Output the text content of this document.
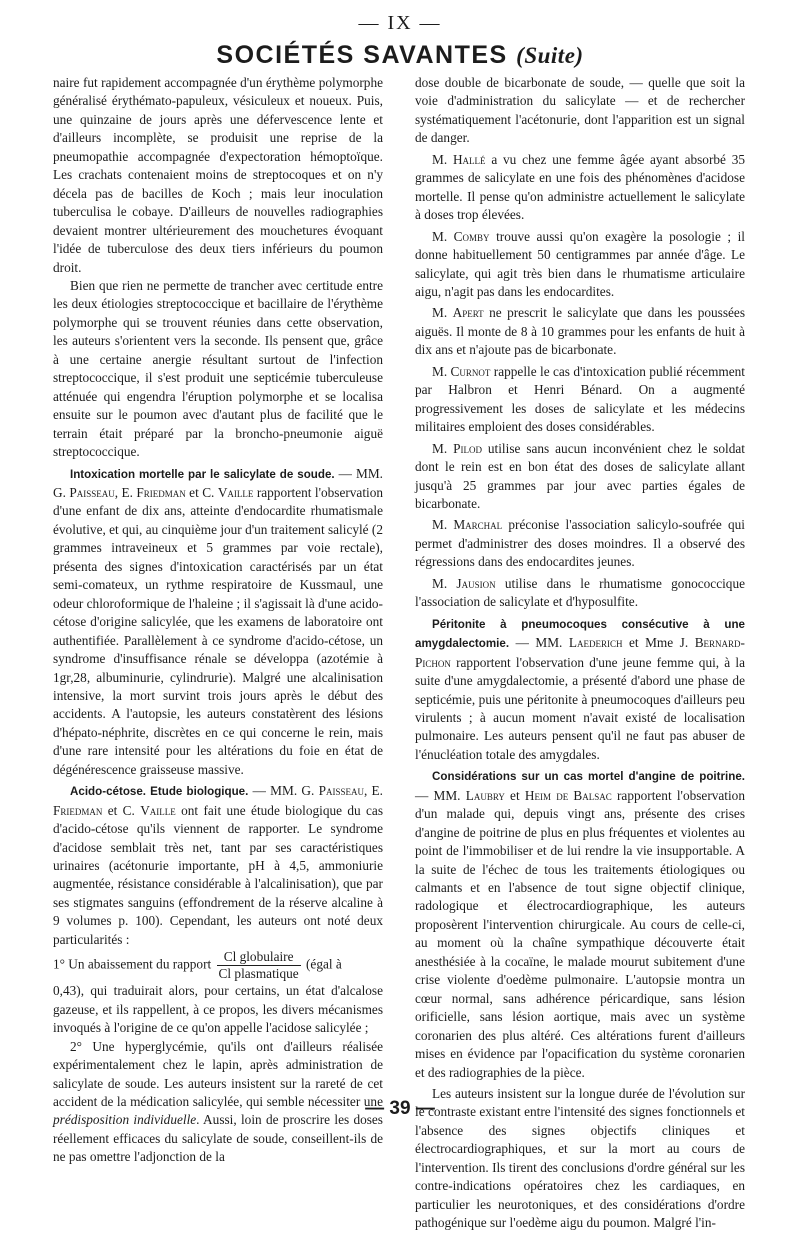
— IX —
SOCIÉTÉS SAVANTES (Suite)

naire fut rapidement accompagnée d'un érythème polymorphe généralisé érythémato-papuleux, vésiculeux et noueux. Puis, une quinzaine de jours après une défervescence lente et d'ailleurs incomplète, se produisit une reprise de la pneumopathie accompagnée d'expectoration hémoptoïque. Les crachats contenaient moins de streptocoques et on n'y décela pas de bacilles de Koch ; mais leur inoculation tuberculisa le cobaye. D'ailleurs de nouvelles radiographies devaient montrer ultérieurement des mouchetures évoquant l'idée de tuberculose des deux tiers inférieurs du poumon droit.

Bien que rien ne permette de trancher avec certitude entre les deux étiologies streptococcique et bacillaire de l'érythème polymorphe qui se trouvent réunies dans cette observation, les auteurs s'orientent vers la seconde. Ils pensent que, grâce à une certaine anergie résultant surtout de l'infection streptococcique, il s'est produit une septicémie tuberculeuse atténuée qui engendra l'éruption polymorphe et se localisa ensuite sur le poumon avec d'autant plus de facilité que le terrain était préparé par la broncho-pneumonie aiguë streptococcique.

Intoxication mortelle par le salicylate de soude. — MM. G. Paisseau, E. Friedman et C. Vaille rapportent l'observation d'une enfant de dix ans, atteinte d'endocardite rhumatismale évolutive, et qui, au cinquième jour d'un traitement salicylé (2 grammes intraveineux et 5 grammes par voie rectale), présenta des signes d'intoxication caractérisés par un état semi-comateux, un rythme respiratoire de Kussmaul, une odeur chloroformique de l'haleine ; il s'agissait là d'une acido-cétose d'origine salicylée, que les examens de laboratoire ont authentifiée. Parallèlement à ce syndrome d'acido-cétose, un syndrome d'insuffisance rénale se développa (azotémie à 1gr,28, albuminurie, cylindrurie). Malgré une alcalinisation intensive, la mort survint trois jours après le début des accidents. A l'autopsie, les auteurs constatèrent des lésions d'hépato-néphrite, discrètes en ce qui concerne le rein, mais d'une rare intensité pour les altérations du foie en état de dégénérescence graisseuse massive.

Acido-cétose. Etude biologique. — MM. G. Paisseau, E. Friedman et C. Vaille ont fait une étude biologique du cas d'acido-cétose qu'ils viennent de rapporter. Le syndrome d'acidose semblait très net, tant par ses caractéristiques urinaires (acétonurie importante, pH à 4,5, ammoniurie augmentée, résistance considérable à l'alcalinisation), que par ses stigmates sanguins (effondrement de la réserve alcaline à 9 volumes p. 100). Cependant, les auteurs ont noté deux particularités :

1° Un abaissement du rapport $\frac{\text{Cl globulaire}}{\text{Cl plasmatique}}$ (égal à

0,43), qui traduirait alors, pour certains, un état d'alcalose gazeuse, et ils rappellent, à ce propos, les divers mécanismes invoqués à l'origine de ce qu'on appelle l'acidose salicylée ;

2° Une hyperglycémie, qu'ils ont d'ailleurs réalisée expérimentalement chez le lapin, après administration de salicylate de soude. Les auteurs insistent sur la rareté de cet accident de la médication salicylée, qui semble nécessiter une prédisposition individuelle. Aussi, loin de proscrire les doses réellement efficaces du salicylate de soude, conseillent-ils de ne pas omettre l'adjonction de la

dose double de bicarbonate de soude, — quelle que soit la voie d'administration du salicylate — et de rechercher systématiquement l'acétonurie, dont l'apparition est un signal de danger.

M. Hallé a vu chez une femme âgée ayant absorbé 35 grammes de salicylate en une fois des phénomènes d'acidose mortelle. Il pense qu'on administre actuellement le salicylate à doses trop élevées.

M. Comby trouve aussi qu'on exagère la posologie ; il donne habituellement 50 centigrammes par année d'âge. Le salicylate, qui agit très bien dans le rhumatisme articulaire aigu, n'agit pas dans les endocardites.

M. Apert ne prescrit le salicylate que dans les poussées aiguës. Il monte de 8 à 10 grammes pour les enfants de huit à dix ans et n'ajoute pas de bicarbonate.

M. Curnot rappelle le cas d'intoxication publié récemment par Halbron et Henri Bénard. On a augmenté progressivement les doses de salicylate et les médecins militaires emploient des doses considérables.

M. Pilod utilise sans aucun inconvénient chez le soldat dont le rein est en bon état des doses de salicylate allant jusqu'à 25 grammes par jour avec parties égales de bicarbonate.

M. Marchal préconise l'association salicylo-soufrée qui permet d'administrer des doses moindres. Il a observé des régressions dans des endocardites jeunes.

M. Jausion utilise dans le rhumatisme gonococcique l'association de salicylate et d'hyposulfite.

Péritonite à pneumocoques consécutive à une amygdalectomie. — MM. Laederich et Mme J. Bernard-Pichon rapportent l'observation d'une jeune femme qui, à la suite d'une amygdalectomie, a présenté d'abord une phase de septicémie, puis une péritonite à pneumocoques d'ailleurs peu virulents ; à aucun moment n'avait existé de localisation pulmonaire. Les auteurs pensent qu'il ne faut pas abuser de l'énucléation totale des amygdales.

Considérations sur un cas mortel d'angine de poitrine. — MM. Laubry et Heim de Balsac rapportent l'observation d'un malade qui, depuis vingt ans, présente des crises d'angine de poitrine de plus en plus fréquentes et violentes au point de l'immobiliser et de lui rendre la vie insupportable. A la suite de l'échec de tous les traitements étiologiques ou calmants et en l'absence de tout signe objectif clinique, radologique et électrocardiographique, les auteurs proposèrent l'intervention chirurgicale. Au cours de celle-ci, au moment où la chaîne sympathique découverte était anesthésiée à la cocaïne, le malade mourut subitement d'une crise violente d'oedème pulmonaire. L'autopsie montra un cœur normal, sans adhérence péricardique, sans lésion orificielle, sans lésion aortique, mais avec un système coronarien des plus altéré. Ces altérations furent d'ailleurs mises en évidence par l'opacification du système coronarien et des radiographies de la pièce.

Les auteurs insistent sur la longue durée de l'évolution sur le contraste existant entre l'intensité des signes fonctionnels et l'absence des signes objectifs cliniques et électrocardiographiques, et sur la mort au cours de l'intervention. Ils tirent des conclusions d'ordre général sur les contre-indications opératoires chez les cardiaques, en particulier les neurotoniques, et des considérations d'ordre pathogénique sur l'oedème aigu du poumon. Malgré l'in-

— 39 —
